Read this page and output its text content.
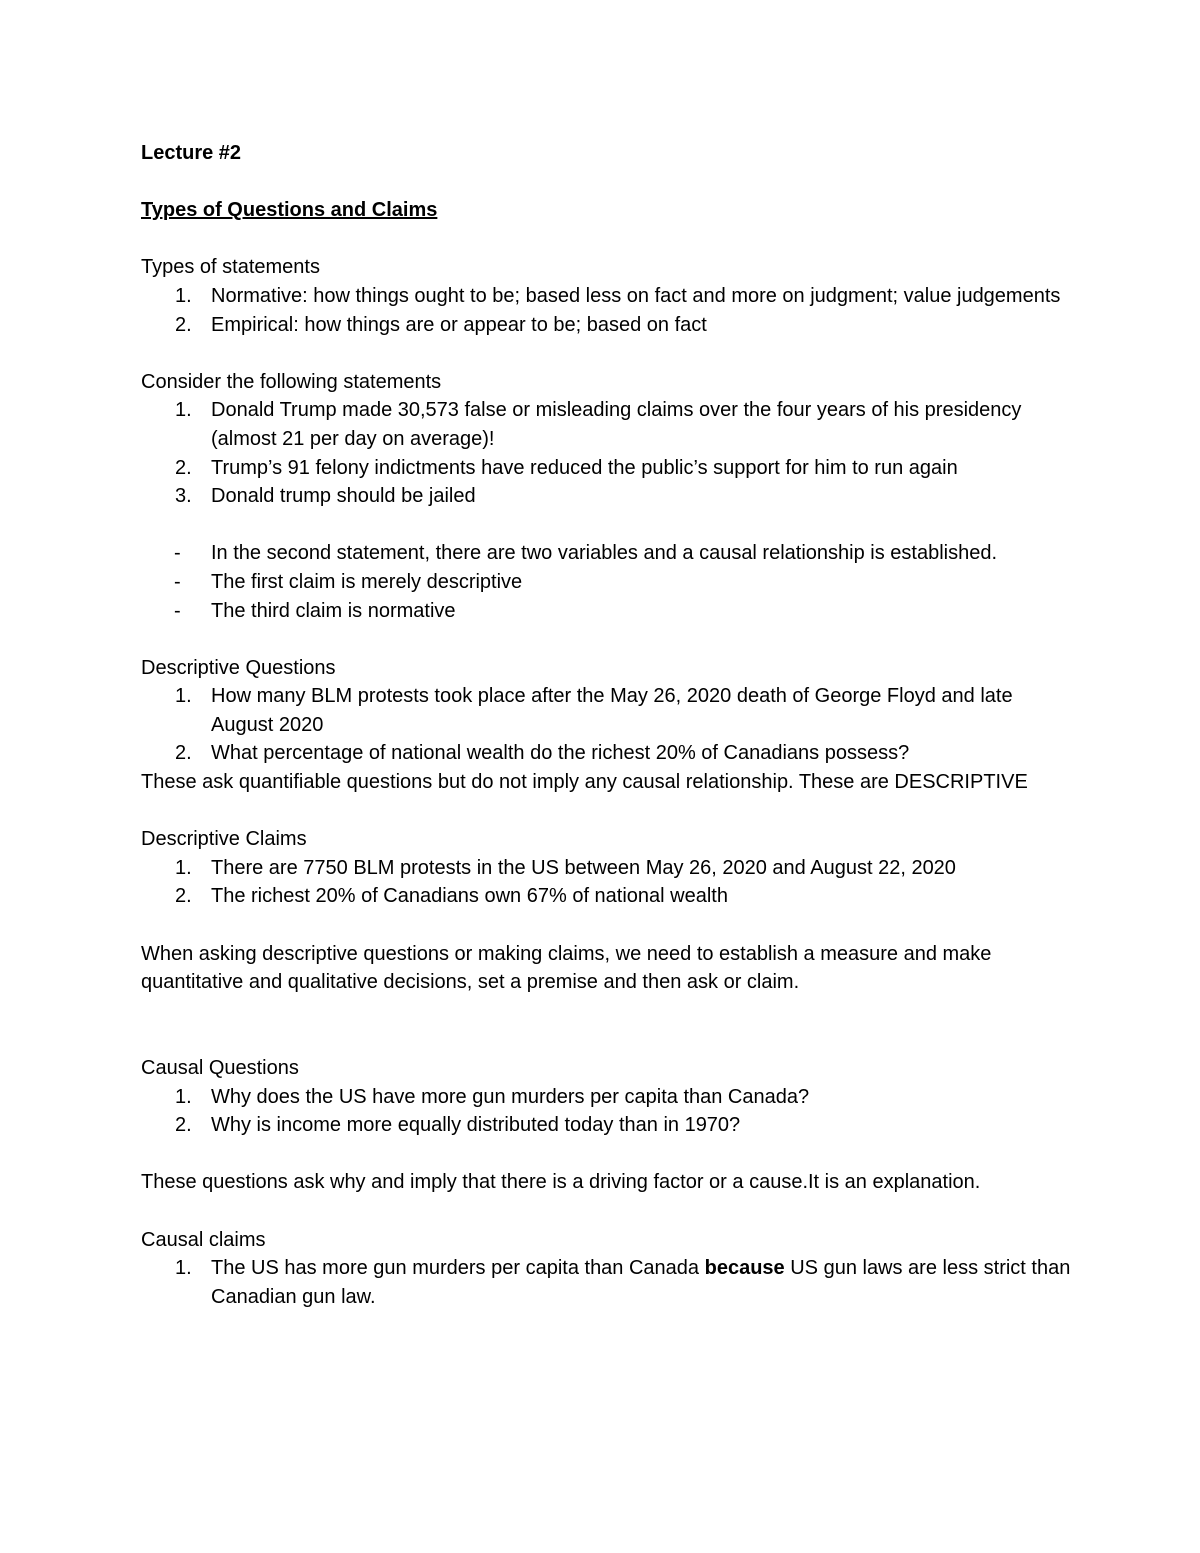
Lecture #2

Types of Questions and Claims

Types of statements

1. Normative: how things ought to be; based less on fact and more on judgment; value judgements
2. Empirical: how things are or appear to be; based on fact

Consider the following statements

1. Donald Trump made 30,573 false or misleading claims over the four years of his presidency (almost 21 per day on average)!
2. Trump’s 91 felony indictments have reduced the public’s support for him to run again
3. Donald trump should be jailed
- In the second statement, there are two variables and a causal relationship is established.
- The first claim is merely descriptive
- The third claim is normative

Descriptive Questions

1. How many BLM protests took place after the May 26, 2020 death of George Floyd and late August 2020
2. What percentage of national wealth do the richest 20% of Canadians possess?

These ask quantifiable questions but do not imply any causal relationship. These are DESCRIPTIVE

Descriptive Claims

1. There are 7750 BLM protests in the US between May 26, 2020 and August 22, 2020
2. The richest 20% of Canadians own 67% of national wealth

When asking descriptive questions or making claims, we need to establish a measure and make quantitative and qualitative decisions, set a premise and then ask or claim.

Causal Questions

1. Why does the US have more gun murders per capita than Canada?
2. Why is income more equally distributed today than in 1970?

These questions ask why and imply that there is a driving factor or a cause.It is an explanation.

Causal claims

1. The US has more gun murders per capita than Canada because US gun laws are less strict than Canadian gun law.
